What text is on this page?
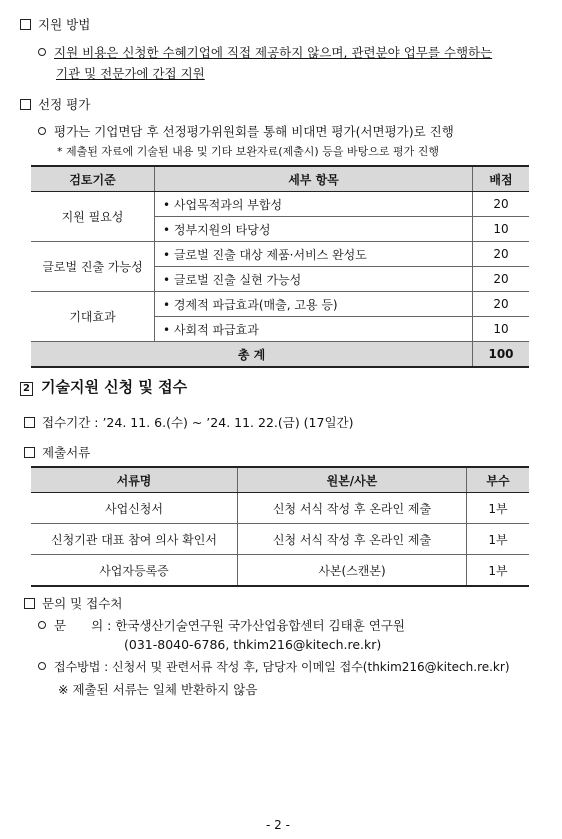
지원 방법
지원 비용은 신청한 수혜기업에 직접 제공하지 않으며, 관련분야 업무를 수행하는
기관 및 전문가에 간접 지원
선정 평가
평가는 기업면담 후 선정평가위원회를 통해 비대면 평가(서면평가)로 진행
* 제출된 자료에 기술된 내용 및 기타 보완자료(제출시) 등을 바탕으로 평가 진행
검토기준	세부 항목	배점
지원 필요성	• 사업목적과의 부합성	20
	• 정부지원의 타당성	10
글로벌 진출 가능성	• 글로벌 진출 대상 제품·서비스 완성도	20
	• 글로벌 진출 실현 가능성	20
기대효과	• 경제적 파급효과(매출, 고용 등)	20
	• 사회적 파급효과	10
총 계		100
2 기술지원 신청 및 접수
접수기간 : ’24. 11. 6.(수) ~ ’24. 11. 22.(금) (17일간)
제출서류
서류명	원본/사본	부수
사업신청서	신청 서식 작성 후 온라인 제출	1부
신청기관 대표 참여 의사 확인서	신청 서식 작성 후 온라인 제출	1부
사업자등록증	사본(스캔본)	1부
문의 및 접수처
문 의 : 한국생산기술연구원 국가산업융합센터 김태훈 연구원
(031-8040-6786, thkim216@kitech.re.kr)
접수방법 : 신청서 및 관련서류 작성 후, 담당자 이메일 접수(thkim216@kitech.re.kr)
※ 제출된 서류는 일체 반환하지 않음
- 2 -
